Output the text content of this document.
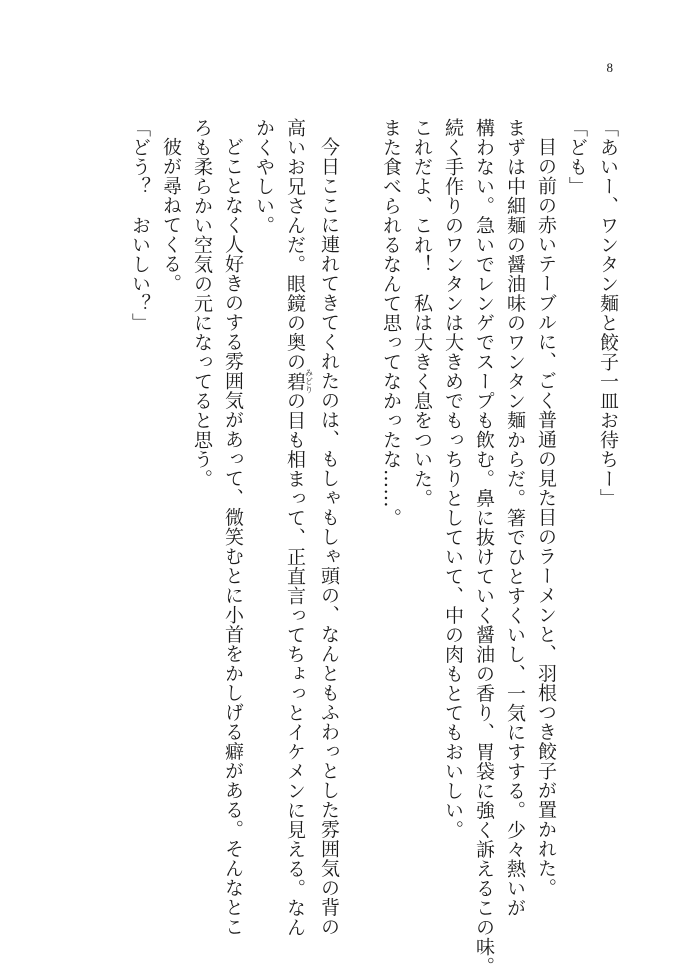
8
「あいー、ワンタン麺と餃子一皿お待ちー」
「ども」
目の前の赤いテーブルに、ごく普通の見た目のラーメンと、羽根つき餃子が置かれた。
まずは中細麺の醤油味のワンタン麺からだ。箸でひとすくいし、一気にすする。少々熱いが
構わない。急いでレンゲでスープも飲む。鼻に抜けていく醤油の香り、胃袋に強く訴えるこの味。
続く手作りのワンタンは大きめでもっちりとしていて、中の肉もとてもおいしい。
これだよ、これ！　私は大きく息をついた。
また食べられるなんて思ってなかったな……。
今日ここに連れてきてくれたのは、もしゃもしゃ頭の、なんともふわっとした雰囲気の背の
高いお兄さんだ。眼鏡の奥の碧みどりの目も相まって、正直言ってちょっとイケメンに見える。なん
かくやしい。
どことなく人好きのする雰囲気があって、微笑むとに小首をかしげる癖がある。そんなとこ
ろも柔らかい空気の元になってると思う。
彼が尋ねてくる。
「どう？　おいしい？」
